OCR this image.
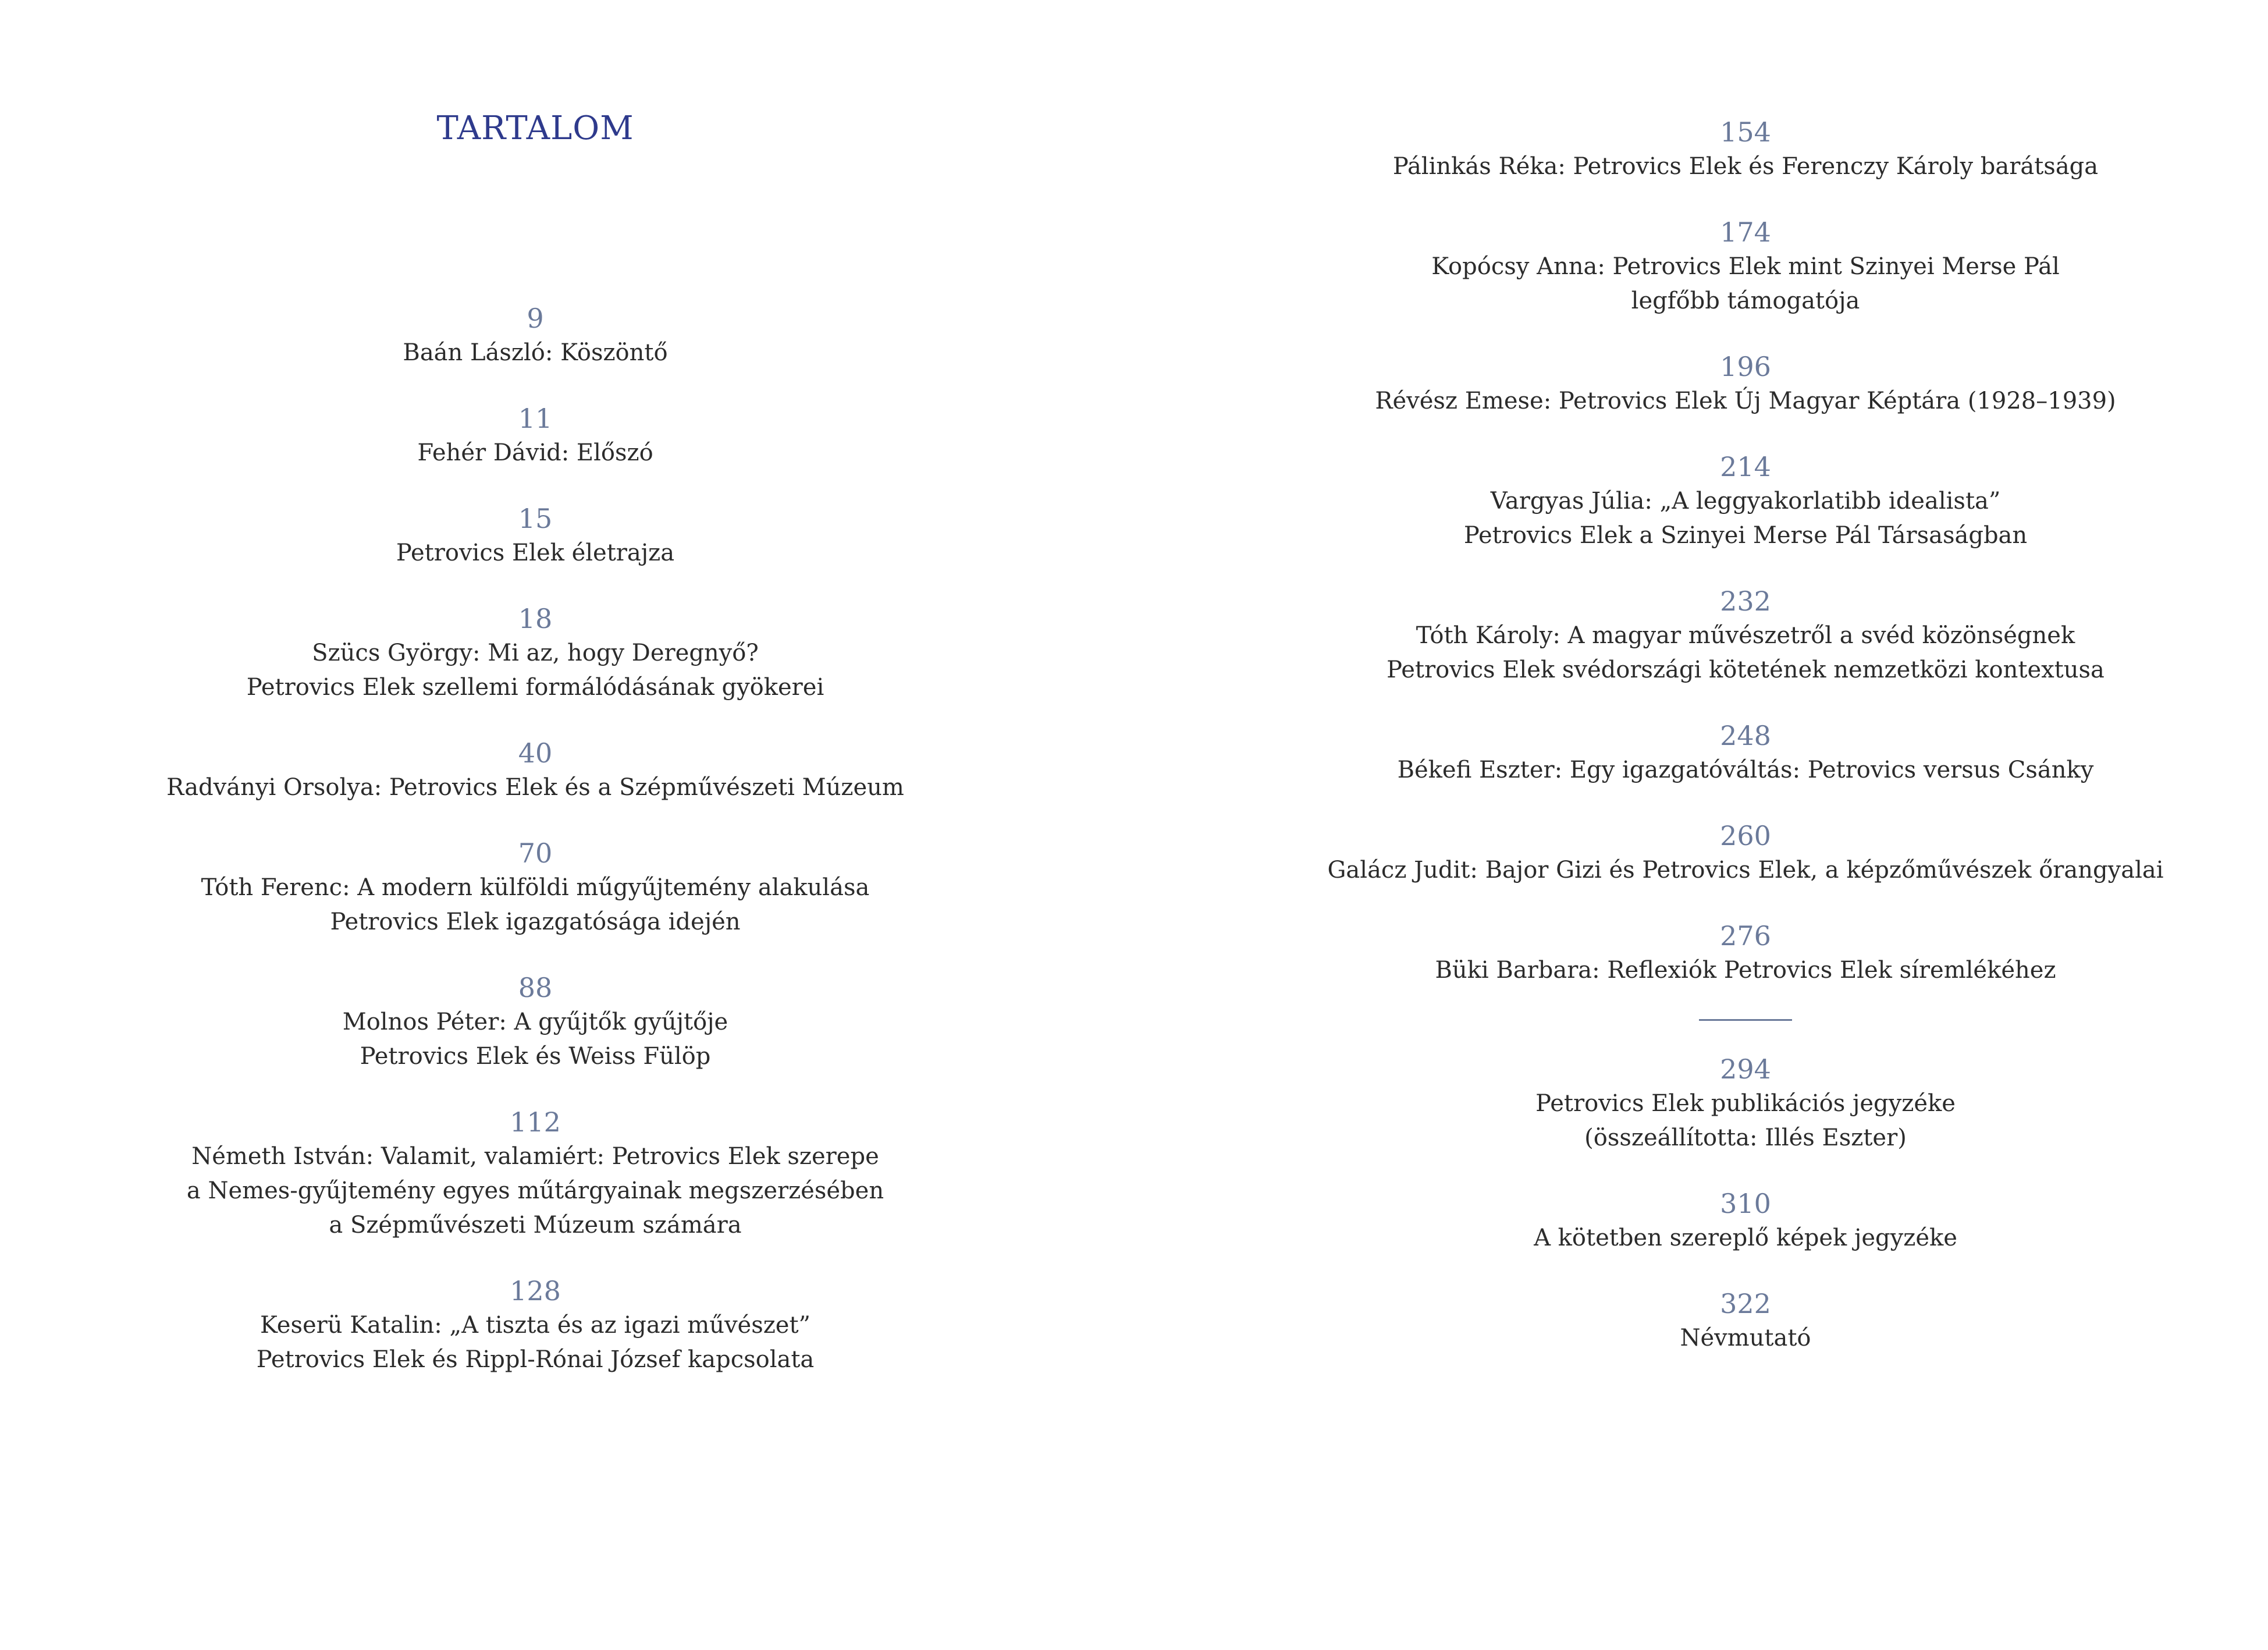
TARTALOM
9
Baán László: Köszöntő
11
Fehér Dávid: Előszó
15
Petrovics Elek életrajza
18
Szücs György: Mi az, hogy Deregnyő?
Petrovics Elek szellemi formálódásának gyökerei
40
Radványi Orsolya: Petrovics Elek és a Szépművészeti Múzeum
70
Tóth Ferenc: A modern külföldi műgyűjtemény alakulása
Petrovics Elek igazgatósága idején
88
Molnos Péter: A gyűjtők gyűjtője
Petrovics Elek és Weiss Fülöp
112
Németh István: Valamit, valamiért: Petrovics Elek szerepe
a Nemes-gyűjtemény egyes műtárgyainak megszerzésében
a Szépművészeti Múzeum számára
128
Keserü Katalin: „A tiszta és az igazi művészet”
Petrovics Elek és Rippl-Rónai József kapcsolata
154
Pálinkás Réka: Petrovics Elek és Ferenczy Károly barátsága
174
Kopócsy Anna: Petrovics Elek mint Szinyei Merse Pál
legfőbb támogatója
196
Révész Emese: Petrovics Elek Új Magyar Képtára (1928–1939)
214
Vargyas Júlia: „A leggyakorlatibb idealista”
Petrovics Elek a Szinyei Merse Pál Társaságban
232
Tóth Károly: A magyar művészetről a svéd közönségnek
Petrovics Elek svédországi kötetének nemzetközi kontextusa
248
Békefi Eszter: Egy igazgatóváltás: Petrovics versus Csánky
260
Galácz Judit: Bajor Gizi és Petrovics Elek, a képzőművészek őrangyalai
276
Büki Barbara: Reflexiók Petrovics Elek síremlékéhez
294
Petrovics Elek publikációs jegyzéke
(összeállította: Illés Eszter)
310
A kötetben szereplő képek jegyzéke
322
Névmutató
